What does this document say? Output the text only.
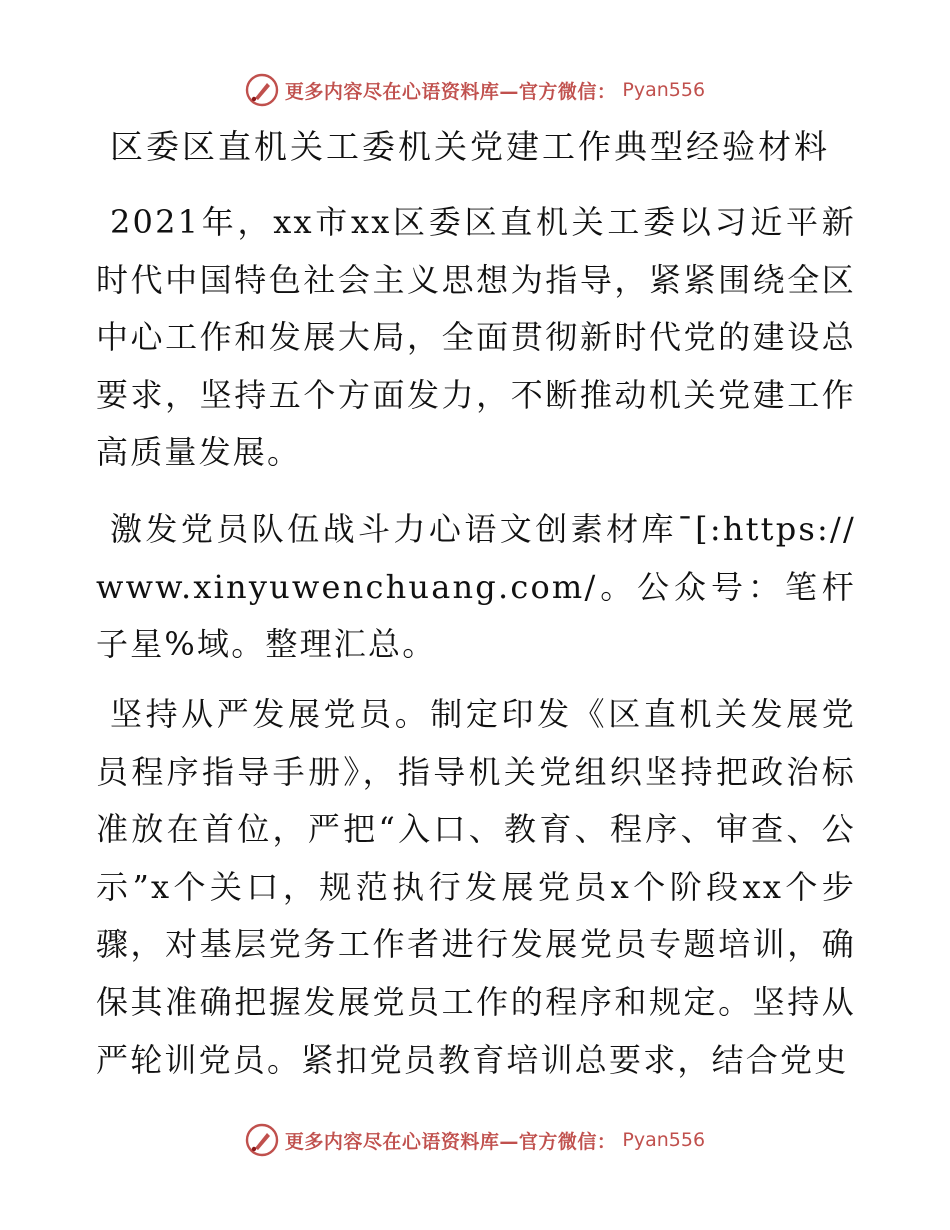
更多内容尽在心语资料库—官方微信： Pyan556
区委区直机关工委机关党建工作典型经验材料
2021年，xx市xx区委区直机关工委以习近平新时代中国特色社会主义思想为指导，紧紧围绕全区中心工作和发展大局，全面贯彻新时代党的建设总要求，坚持五个方面发力，不断推动机关党建工作高质量发展。
激发党员队伍战斗力心语文创素材库¯[:https://www.xinyuwenchuang.com/。公众号：笔杆子星%域。整理汇总。
坚持从严发展党员。制定印发《区直机关发展党员程序指导手册》，指导机关党组织坚持把政治标准放在首位，严把“入口、教育、程序、审查、公示”x个关口，规范执行发展党员x个阶段xx个步骤，对基层党务工作者进行发展党员专题培训，确保其准确把握发展党员工作的程序和规定。坚持从严轮训党员。紧扣党员教育培训总要求，结合党史
更多内容尽在心语资料库—官方微信： Pyan556
